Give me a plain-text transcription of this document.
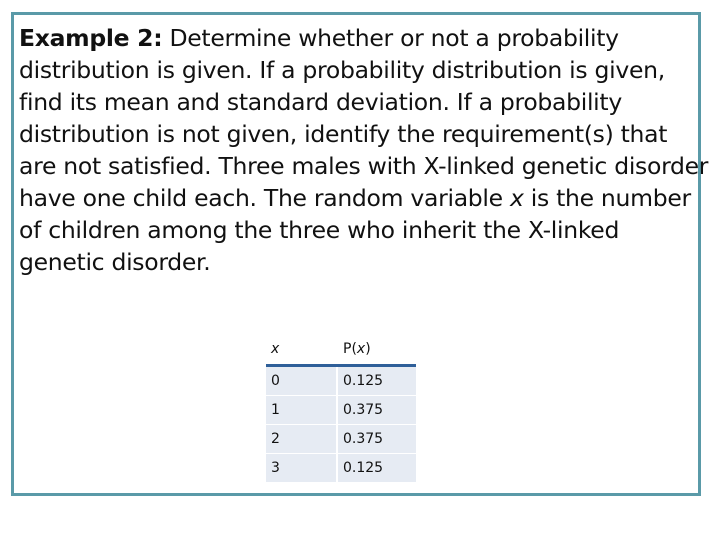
Example 2: Determine whether or not a probability distribution is given. If a probability distribution is given, find its mean and standard deviation. If a probability distribution is not given, identify the requirement(s) that are not satisfied. Three males with X-linked genetic disorder have one child each. The random variable x is the number of children among the three who inherit the X-linked genetic disorder.
x	P( x )
0	0.125
1	0.375
2	0.375
3	0.125
